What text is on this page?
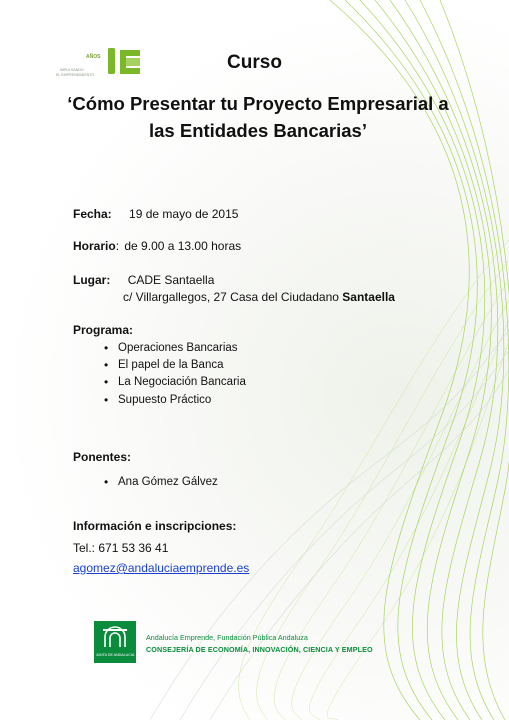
AÑOS
IMPULSANDO
EL EMPRENDIMIENTO
Curso
‘Cómo Presentar tu Proyecto Empresarial a las Entidades Bancarias’
Fecha: 19 de mayo de 2015
Horario: de 9.00 a 13.00 horas
Lugar: CADE Santaella
c/ Villargallegos, 27 Casa del Ciudadano Santaella
Programa:
• Operaciones Bancarias
• El papel de la Banca
• La Negociación Bancaria
• Supuesto Práctico
Ponentes:
• Ana Gómez Gálvez
Información e inscripciones:
Tel.: 671 53 36 41
agomez@andaluciaemprende.es
JUNTA DE ANDALUCIA
Andalucía Emprende, Fundación Pública Andaluza
CONSEJERÍA DE ECONOMÍA, INNOVACIÓN, CIENCIA Y EMPLEO
